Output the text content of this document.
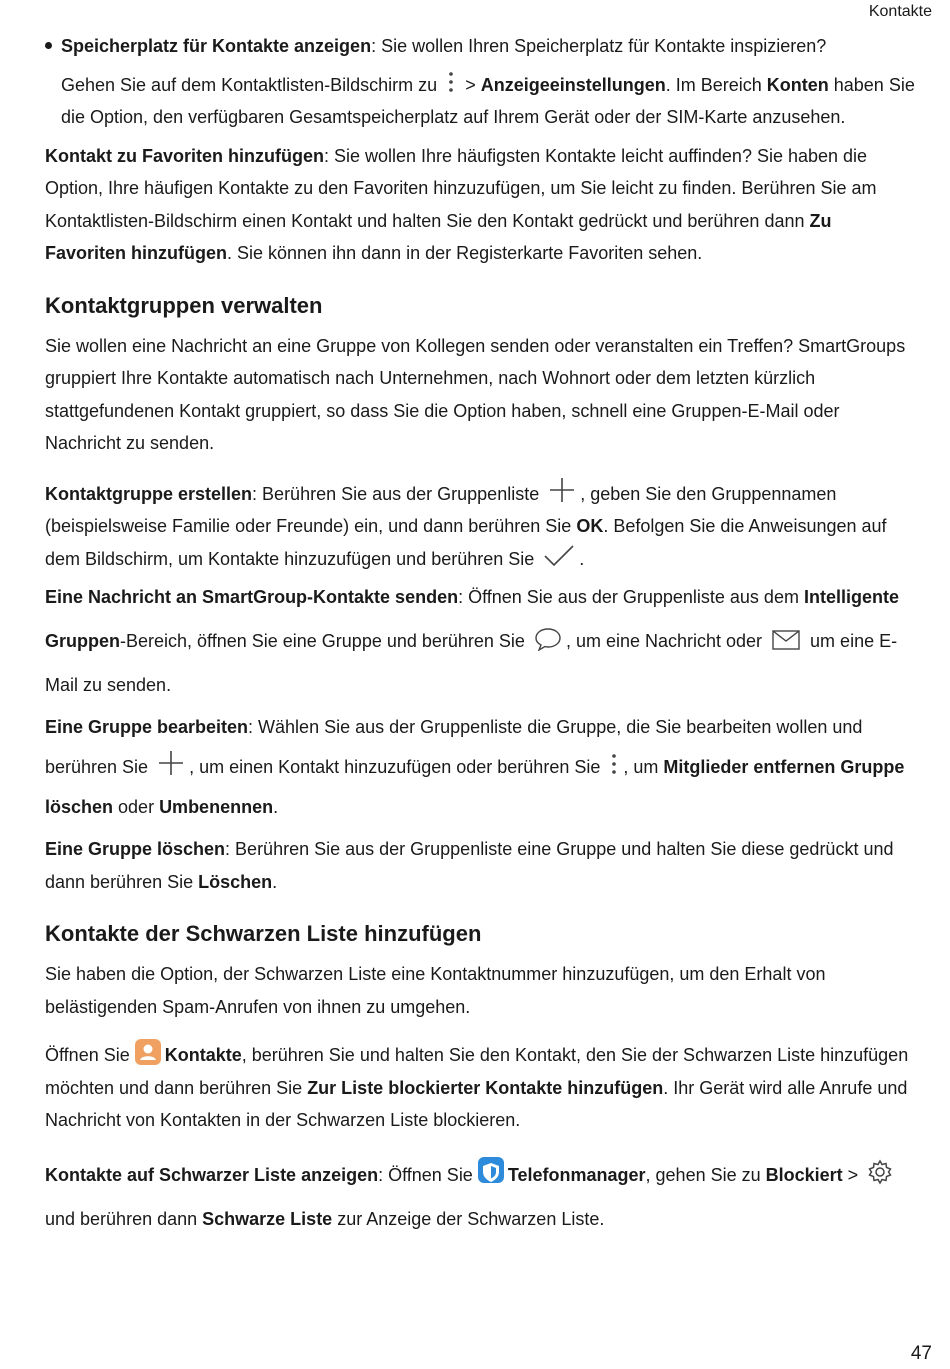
Kontakte

Speicherplatz für Kontakte anzeigen: Sie wollen Ihren Speicherplatz für Kontakte inspizieren?

Gehen Sie auf dem Kontaktlisten-Bildschirm zu
> Anzeigeeinstellungen. Im Bereich Konten haben Sie die Option, den verfügbaren Gesamtspeicherplatz auf Ihrem Gerät oder der SIM-Karte anzusehen.

Kontakt zu Favoriten hinzufügen: Sie wollen Ihre häufigsten Kontakte leicht auffinden? Sie haben die Option, Ihre häufigen Kontakte zu den Favoriten hinzuzufügen, um Sie leicht zu finden. Berühren Sie am Kontaktlisten-Bildschirm einen Kontakt und halten Sie den Kontakt gedrückt und berühren dann Zu Favoriten hinzufügen. Sie können ihn dann in der Registerkarte Favoriten sehen.

Kontaktgruppen verwalten

Sie wollen eine Nachricht an eine Gruppe von Kollegen senden oder veranstalten ein Treffen? SmartGroups gruppiert Ihre Kontakte automatisch nach Unternehmen, nach Wohnort oder dem letzten kürzlich stattgefundenen Kontakt gruppiert, so dass Sie die Option haben, schnell eine Gruppen-E-Mail oder Nachricht zu senden.

Kontaktgruppe erstellen: Berühren Sie aus der Gruppenliste
, geben Sie den Gruppennamen (beispielsweise Familie oder Freunde) ein, und dann berühren Sie OK. Befolgen Sie die Anweisungen auf dem Bildschirm, um Kontakte hinzuzufügen und berühren Sie
.

Eine Nachricht an SmartGroup-Kontakte senden: Öffnen Sie aus der Gruppenliste aus dem Intelligente Gruppen-Bereich, öffnen Sie eine Gruppe und berühren Sie
, um eine Nachricht oder
um eine E-Mail zu senden.

Eine Gruppe bearbeiten: Wählen Sie aus der Gruppenliste die Gruppe, die Sie bearbeiten wollen und berühren Sie
, um einen Kontakt hinzuzufügen oder berühren Sie
, um Mitglieder entfernen Gruppe löschen oder Umbenennen.

Eine Gruppe löschen: Berühren Sie aus der Gruppenliste eine Gruppe und halten Sie diese gedrückt und dann berühren Sie Löschen.

Kontakte der Schwarzen Liste hinzufügen

Sie haben die Option, der Schwarzen Liste eine Kontaktnummer hinzuzufügen, um den Erhalt von belästigenden Spam-Anrufen von ihnen zu umgehen.

Öffnen Sie Kontakte, berühren Sie und halten Sie den Kontakt, den Sie der Schwarzen Liste hinzufügen möchten und dann berühren Sie Zur Liste blockierter Kontakte hinzufügen. Ihr Gerät wird alle Anrufe und Nachricht von Kontakten in der Schwarzen Liste blockieren.

Kontakte auf Schwarzer Liste anzeigen: Öffnen Sie Telefonmanager, gehen Sie zu Blockiert >
und berühren dann Schwarze Liste zur Anzeige der Schwarzen Liste.

47
